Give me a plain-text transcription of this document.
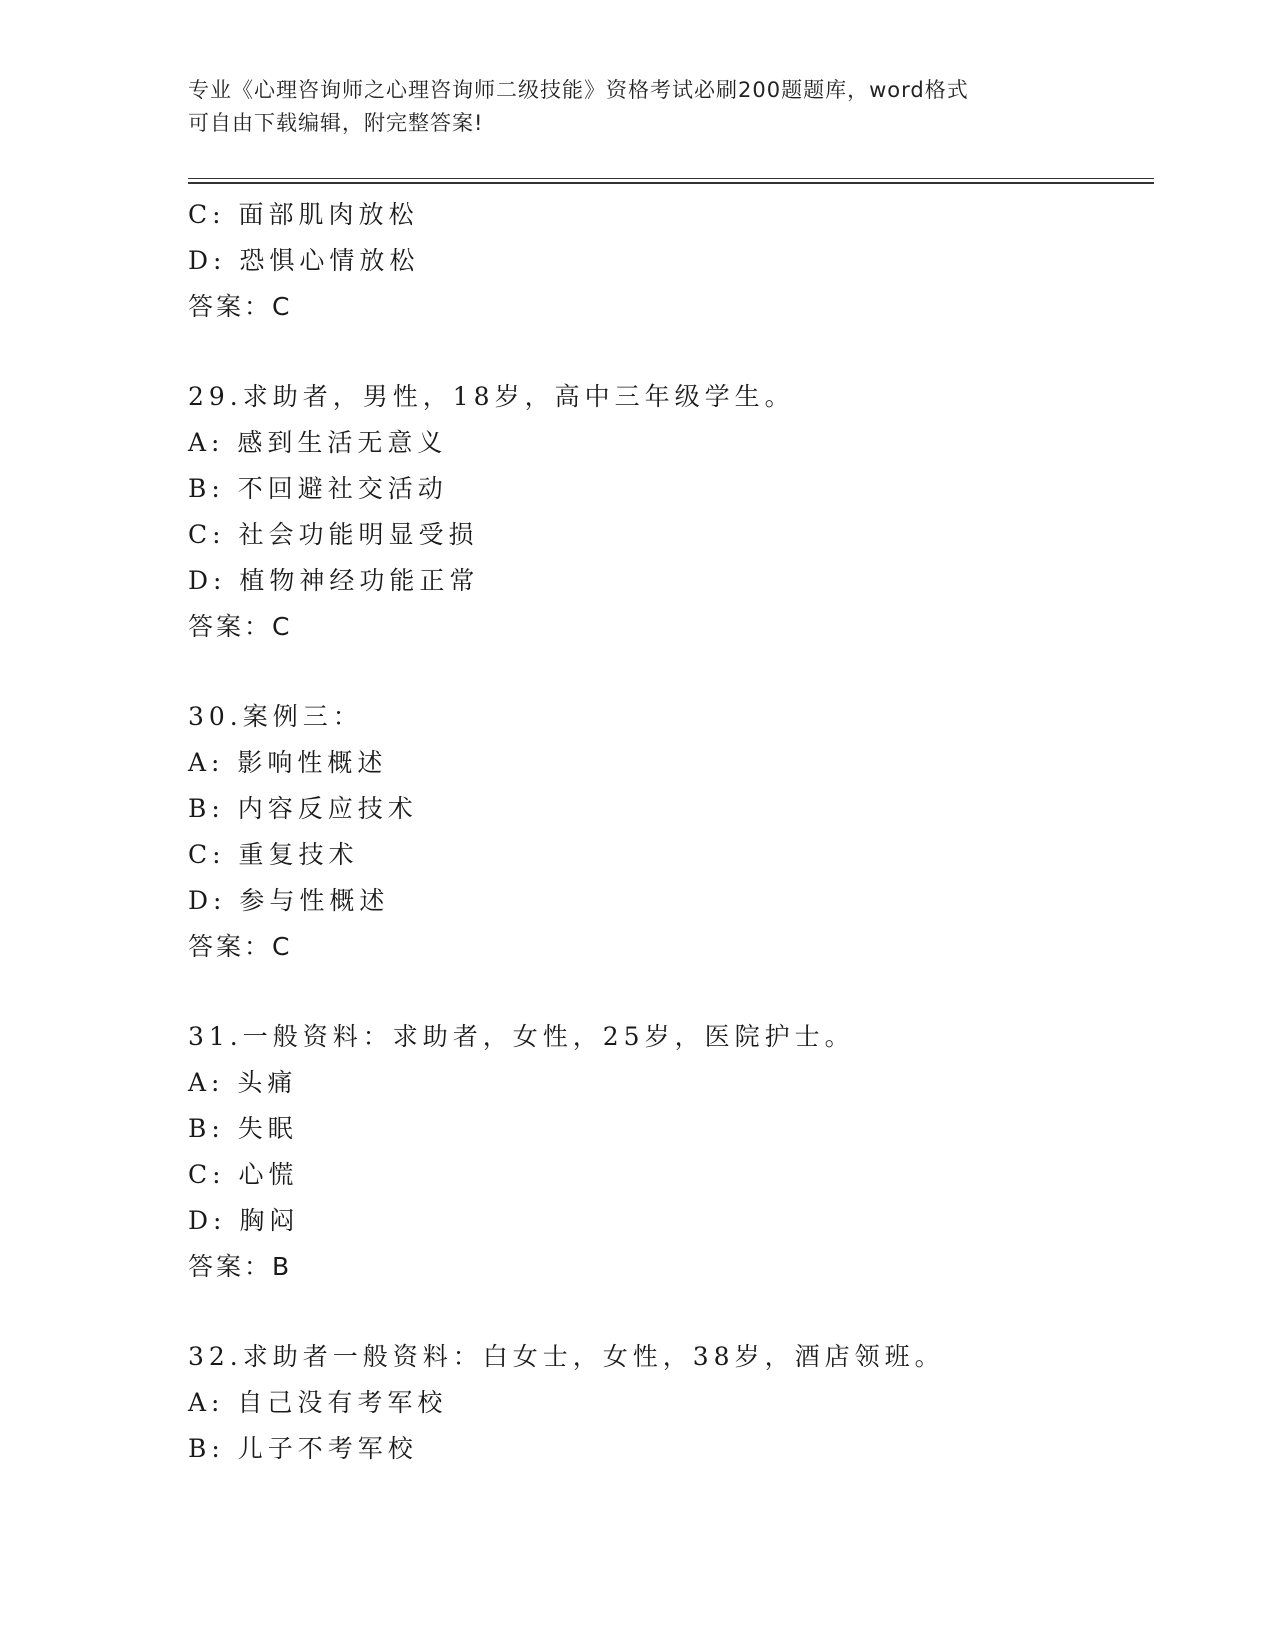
专业《心理咨询师之心理咨询师二级技能》资格考试必刷200题题库，word格式
可自由下载编辑，附完整答案!
C: 面部肌肉放松
D: 恐惧心情放松
答案：C
29.求助者，男性，18岁，高中三年级学生。
A: 感到生活无意义
B: 不回避社交活动
C: 社会功能明显受损
D: 植物神经功能正常
答案：C
30.案例三：
A: 影响性概述
B: 内容反应技术
C: 重复技术
D: 参与性概述
答案：C
31.一般资料：求助者，女性，25岁，医院护士。
A: 头痛
B: 失眠
C: 心慌
D: 胸闷
答案：B
32.求助者一般资料：白女士，女性，38岁，酒店领班。
A: 自己没有考军校
B: 儿子不考军校
